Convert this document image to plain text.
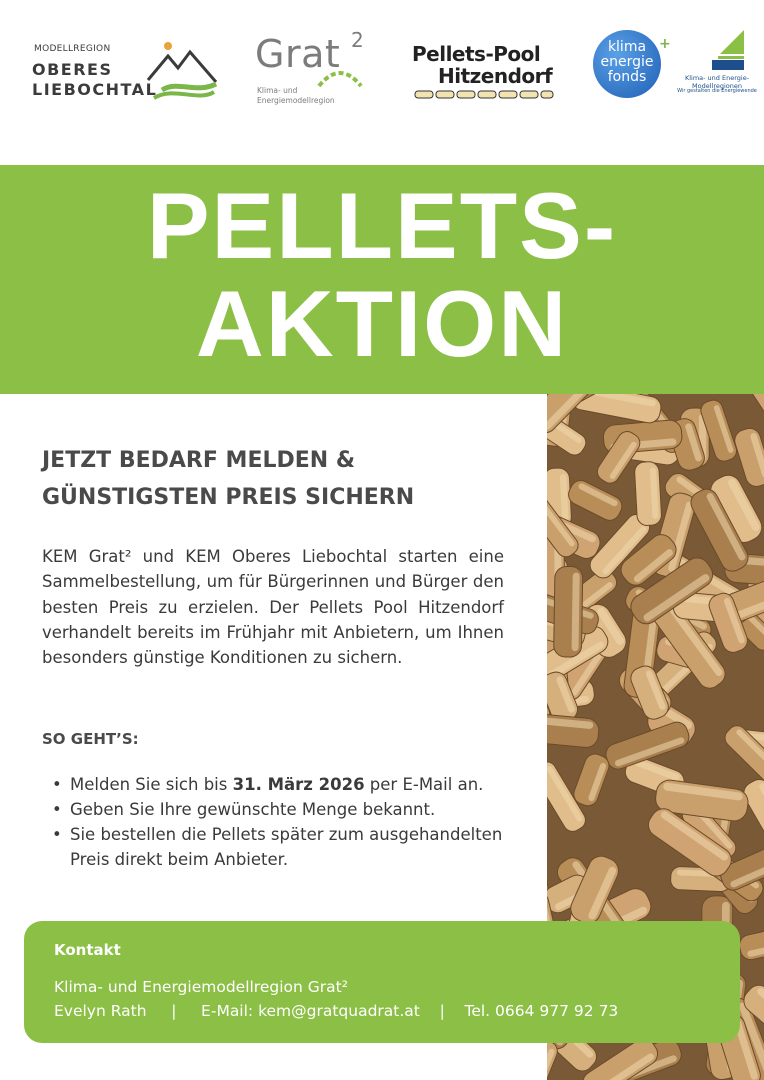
MODELLREGION
OBERES
LIEBOCHTAL
Grat 2
Klima- und
Energiemodellregion
Pellets-Pool
Hitzendorf
klima
energie
fonds
+
Klima- und Energie-
Modellregionen
Wir gestalten die Energiewende
PELLETS-
AKTION
JETZT BEDARF MELDEN &
GÜNSTIGSTEN PREIS SICHERN
KEM Grat² und KEM Oberes Liebochtal starten eine Sammelbestellung, um für Bürgerinnen und Bürger den besten Preis zu erzielen. Der Pellets Pool Hitzendorf verhandelt bereits im Frühjahr mit Anbietern, um Ihnen besonders günstige Konditionen zu sichern.
SO GEHT’S:
• Melden Sie sich bis 31. März 2026 per E-Mail an.
• Geben Sie Ihre gewünschte Menge bekannt.
• Sie bestellen die Pellets später zum ausgehandelten Preis direkt beim Anbieter.
Kontakt
Klima- und Energiemodellregion Grat²
Evelyn Rath     |     E-Mail: kem@gratquadrat.at    |    Tel. 0664 977 92 73
